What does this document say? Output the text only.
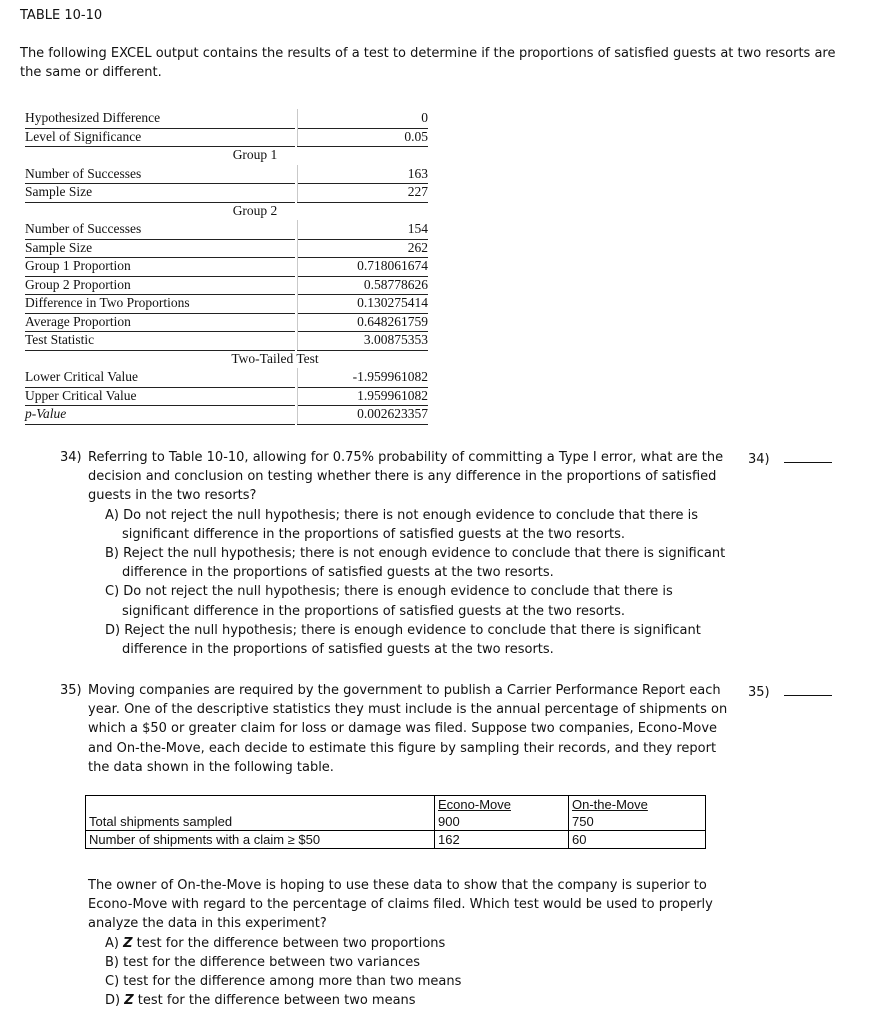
TABLE 10-10
The following EXCEL output contains the results of a test to determine if the proportions of satisfied guests at two resorts are the same or different.
Hypothesized Difference	0
Level of Significance	0.05
Group 1
Number of Successes	163
Sample Size	227
Group 2
Number of Successes	154
Sample Size	262
Group 1 Proportion	0.718061674
Group 2 Proportion	0.58778626
Difference in Two Proportions	0.130275414
Average Proportion	0.648261759
Test Statistic	3.00875353
Two-Tailed Test
Lower Critical Value	-1.959961082
Upper Critical Value	1.959961082
p-Value	0.002623357
34) Referring to Table 10-10, allowing for 0.75% probability of committing a Type I error, what are the decision and conclusion on testing whether there is any difference in the proportions of satisfied guests in the two resorts?
A) Do not reject the null hypothesis; there is not enough evidence to conclude that there is significant difference in the proportions of satisfied guests at the two resorts.
B) Reject the null hypothesis; there is not enough evidence to conclude that there is significant difference in the proportions of satisfied guests at the two resorts.
C) Do not reject the null hypothesis; there is enough evidence to conclude that there is significant difference in the proportions of satisfied guests at the two resorts.
D) Reject the null hypothesis; there is enough evidence to conclude that there is significant difference in the proportions of satisfied guests at the two resorts.
34)
35) Moving companies are required by the government to publish a Carrier Performance Report each year. One of the descriptive statistics they must include is the annual percentage of shipments on which a $50 or greater claim for loss or damage was filed. Suppose two companies, Econo-Move and On-the-Move, each decide to estimate this figure by sampling their records, and they report the data shown in the following table.
35)
	Econo-Move	On-the-Move
Total shipments sampled	900	750
Number of shipments with a claim ≥ $50	162	60
The owner of On-the-Move is hoping to use these data to show that the company is superior to Econo-Move with regard to the percentage of claims filed. Which test would be used to properly analyze the data in this experiment?
A) Z test for the difference between two proportions
B) test for the difference between two variances
C) test for the difference among more than two means
D) Z test for the difference between two means
